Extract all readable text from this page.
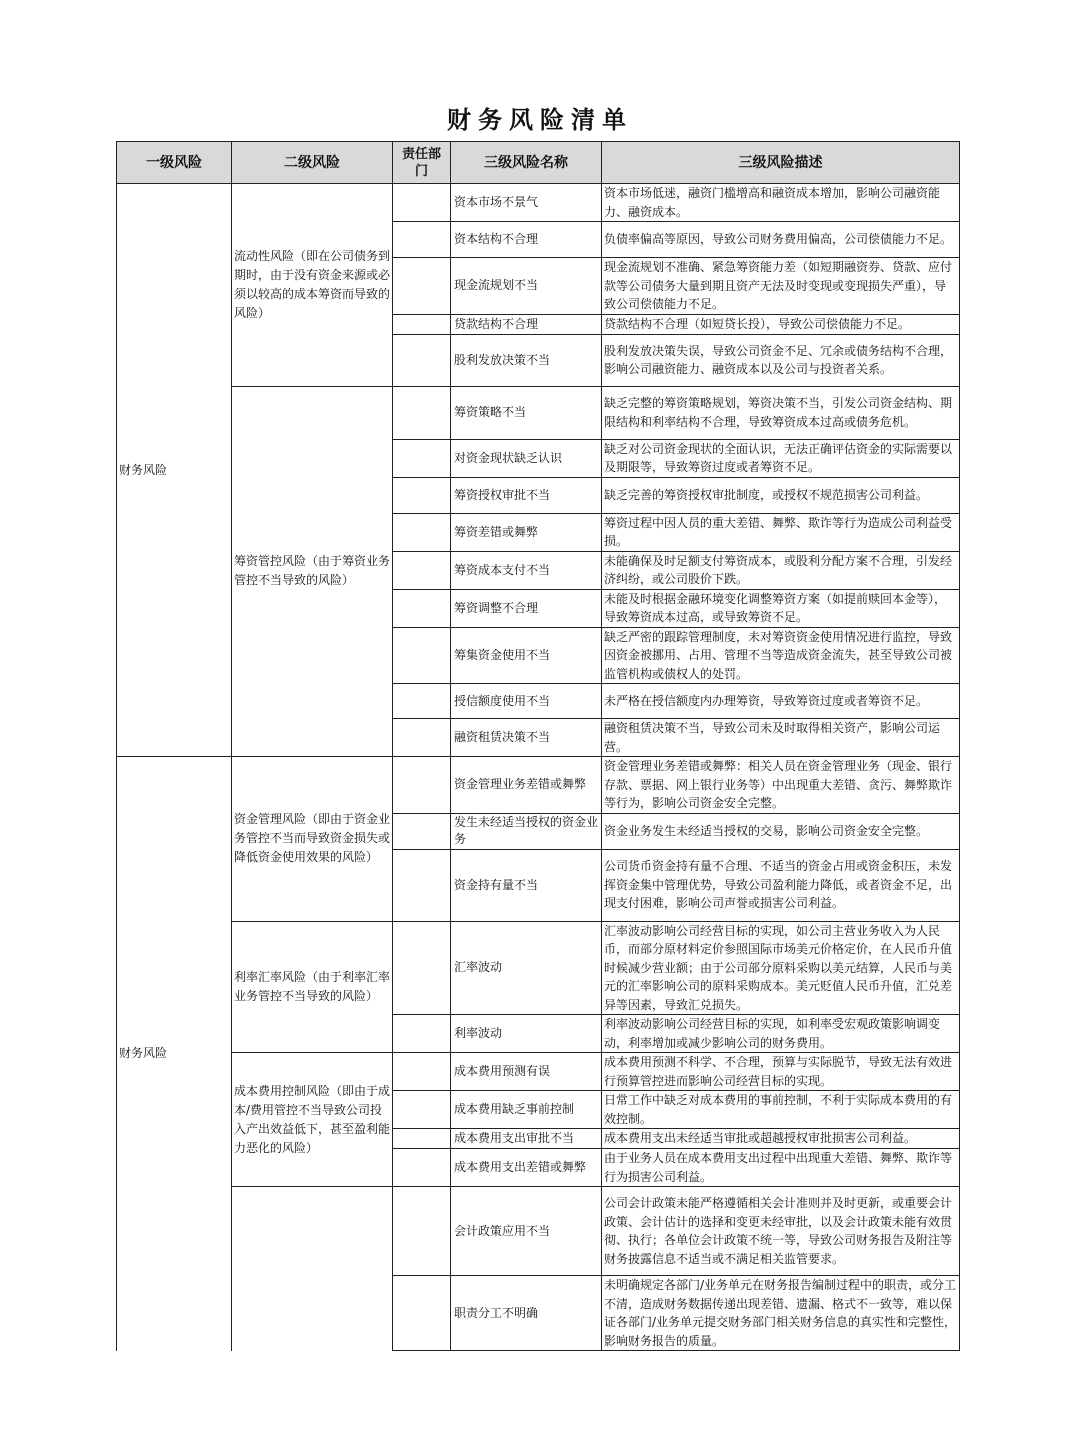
财务风险清单
一级风险	二级风险	责任部门	三级风险名称	三级风险描述
财务风险	流动性风险（即在公司债务到期时，由于没有资金来源或必须以较高的成本筹资而导致的风险）		资本市场不景气	资本市场低迷，融资门槛增高和融资成本增加，影响公司融资能力、融资成本。
			资本结构不合理	负债率偏高等原因，导致公司财务费用偏高，公司偿债能力不足。
			现金流规划不当	现金流规划不准确、紧急筹资能力差（如短期融资券、贷款、应付款等公司债务大量到期且资产无法及时变现或变现损失严重），导致公司偿债能力不足。
			贷款结构不合理	贷款结构不合理（如短贷长投），导致公司偿债能力不足。
			股利发放决策不当	股利发放决策失误，导致公司资金不足、冗余或债务结构不合理，影响公司融资能力、融资成本以及公司与投资者关系。
	筹资管控风险（由于筹资业务管控不当导致的风险）		筹资策略不当	缺乏完整的筹资策略规划，筹资决策不当，引发公司资金结构、期限结构和利率结构不合理，导致筹资成本过高或债务危机。
			对资金现状缺乏认识	缺乏对公司资金现状的全面认识，无法正确评估资金的实际需要以及期限等，导致筹资过度或者筹资不足。
			筹资授权审批不当	缺乏完善的筹资授权审批制度，或授权不规范损害公司利益。
			筹资差错或舞弊	筹资过程中因人员的重大差错、舞弊、欺诈等行为造成公司利益受损。
			筹资成本支付不当	未能确保及时足额支付筹资成本，或股利分配方案不合理，引发经济纠纷，或公司股价下跌。
			筹资调整不合理	未能及时根据金融环境变化调整筹资方案（如提前赎回本金等），导致筹资成本过高，或导致筹资不足。
			筹集资金使用不当	缺乏严密的跟踪管理制度，未对筹资资金使用情况进行监控，导致因资金被挪用、占用、管理不当等造成资金流失，甚至导致公司被监管机构或债权人的处罚。
			授信额度使用不当	未严格在授信额度内办理筹资，导致筹资过度或者筹资不足。
			融资租赁决策不当	融资租赁决策不当，导致公司未及时取得相关资产，影响公司运营。
财务风险	资金管理风险（即由于资金业务管控不当而导致资金损失或降低资金使用效果的风险）		资金管理业务差错或舞弊	资金管理业务差错或舞弊：相关人员在资金管理业务（现金、银行存款、票据、网上银行业务等）中出现重大差错、贪污、舞弊欺诈等行为，影响公司资金安全完整。
			发生未经适当授权的资金业务	资金业务发生未经适当授权的交易，影响公司资金安全完整。
			资金持有量不当	公司货币资金持有量不合理、不适当的资金占用或资金积压，未发挥资金集中管理优势，导致公司盈利能力降低，或者资金不足，出现支付困难，影响公司声誉或损害公司利益。
	利率汇率风险（由于利率汇率业务管控不当导致的风险）		汇率波动	汇率波动影响公司经营目标的实现，如公司主营业务收入为人民币，而部分原材料定价参照国际市场美元价格定价，在人民币升值时候减少营业额；由于公司部分原料采购以美元结算，人民币与美元的汇率影响公司的原料采购成本。美元贬值人民币升值，汇兑差异等因素，导致汇兑损失。
			利率波动	利率波动影响公司经营目标的实现，如利率受宏观政策影响调变动，利率增加或减少影响公司的财务费用。
	成本费用控制风险（即由于成本/费用管控不当导致公司投入产出效益低下，甚至盈利能力恶化的风险）		成本费用预测有误	成本费用预测不科学、不合理，预算与实际脱节，导致无法有效进行预算管控进而影响公司经营目标的实现。
			成本费用缺乏事前控制	日常工作中缺乏对成本费用的事前控制，不利于实际成本费用的有效控制。
			成本费用支出审批不当	成本费用支出未经适当审批或超越授权审批损害公司利益。
			成本费用支出差错或舞弊	由于业务人员在成本费用支出过程中出现重大差错、舞弊、欺诈等行为损害公司利益。
			会计政策应用不当	公司会计政策未能严格遵循相关会计准则并及时更新，或重要会计政策、会计估计的选择和变更未经审批，以及会计政策未能有效贯彻、执行；各单位会计政策不统一等，导致公司财务报告及附注等财务披露信息不适当或不满足相关监管要求。
			职责分工不明确	未明确规定各部门/业务单元在财务报告编制过程中的职责，或分工不清，造成财务数据传递出现差错、遗漏、格式不一致等，难以保证各部门/业务单元提交财务部门相关财务信息的真实性和完整性，影响财务报告的质量。
